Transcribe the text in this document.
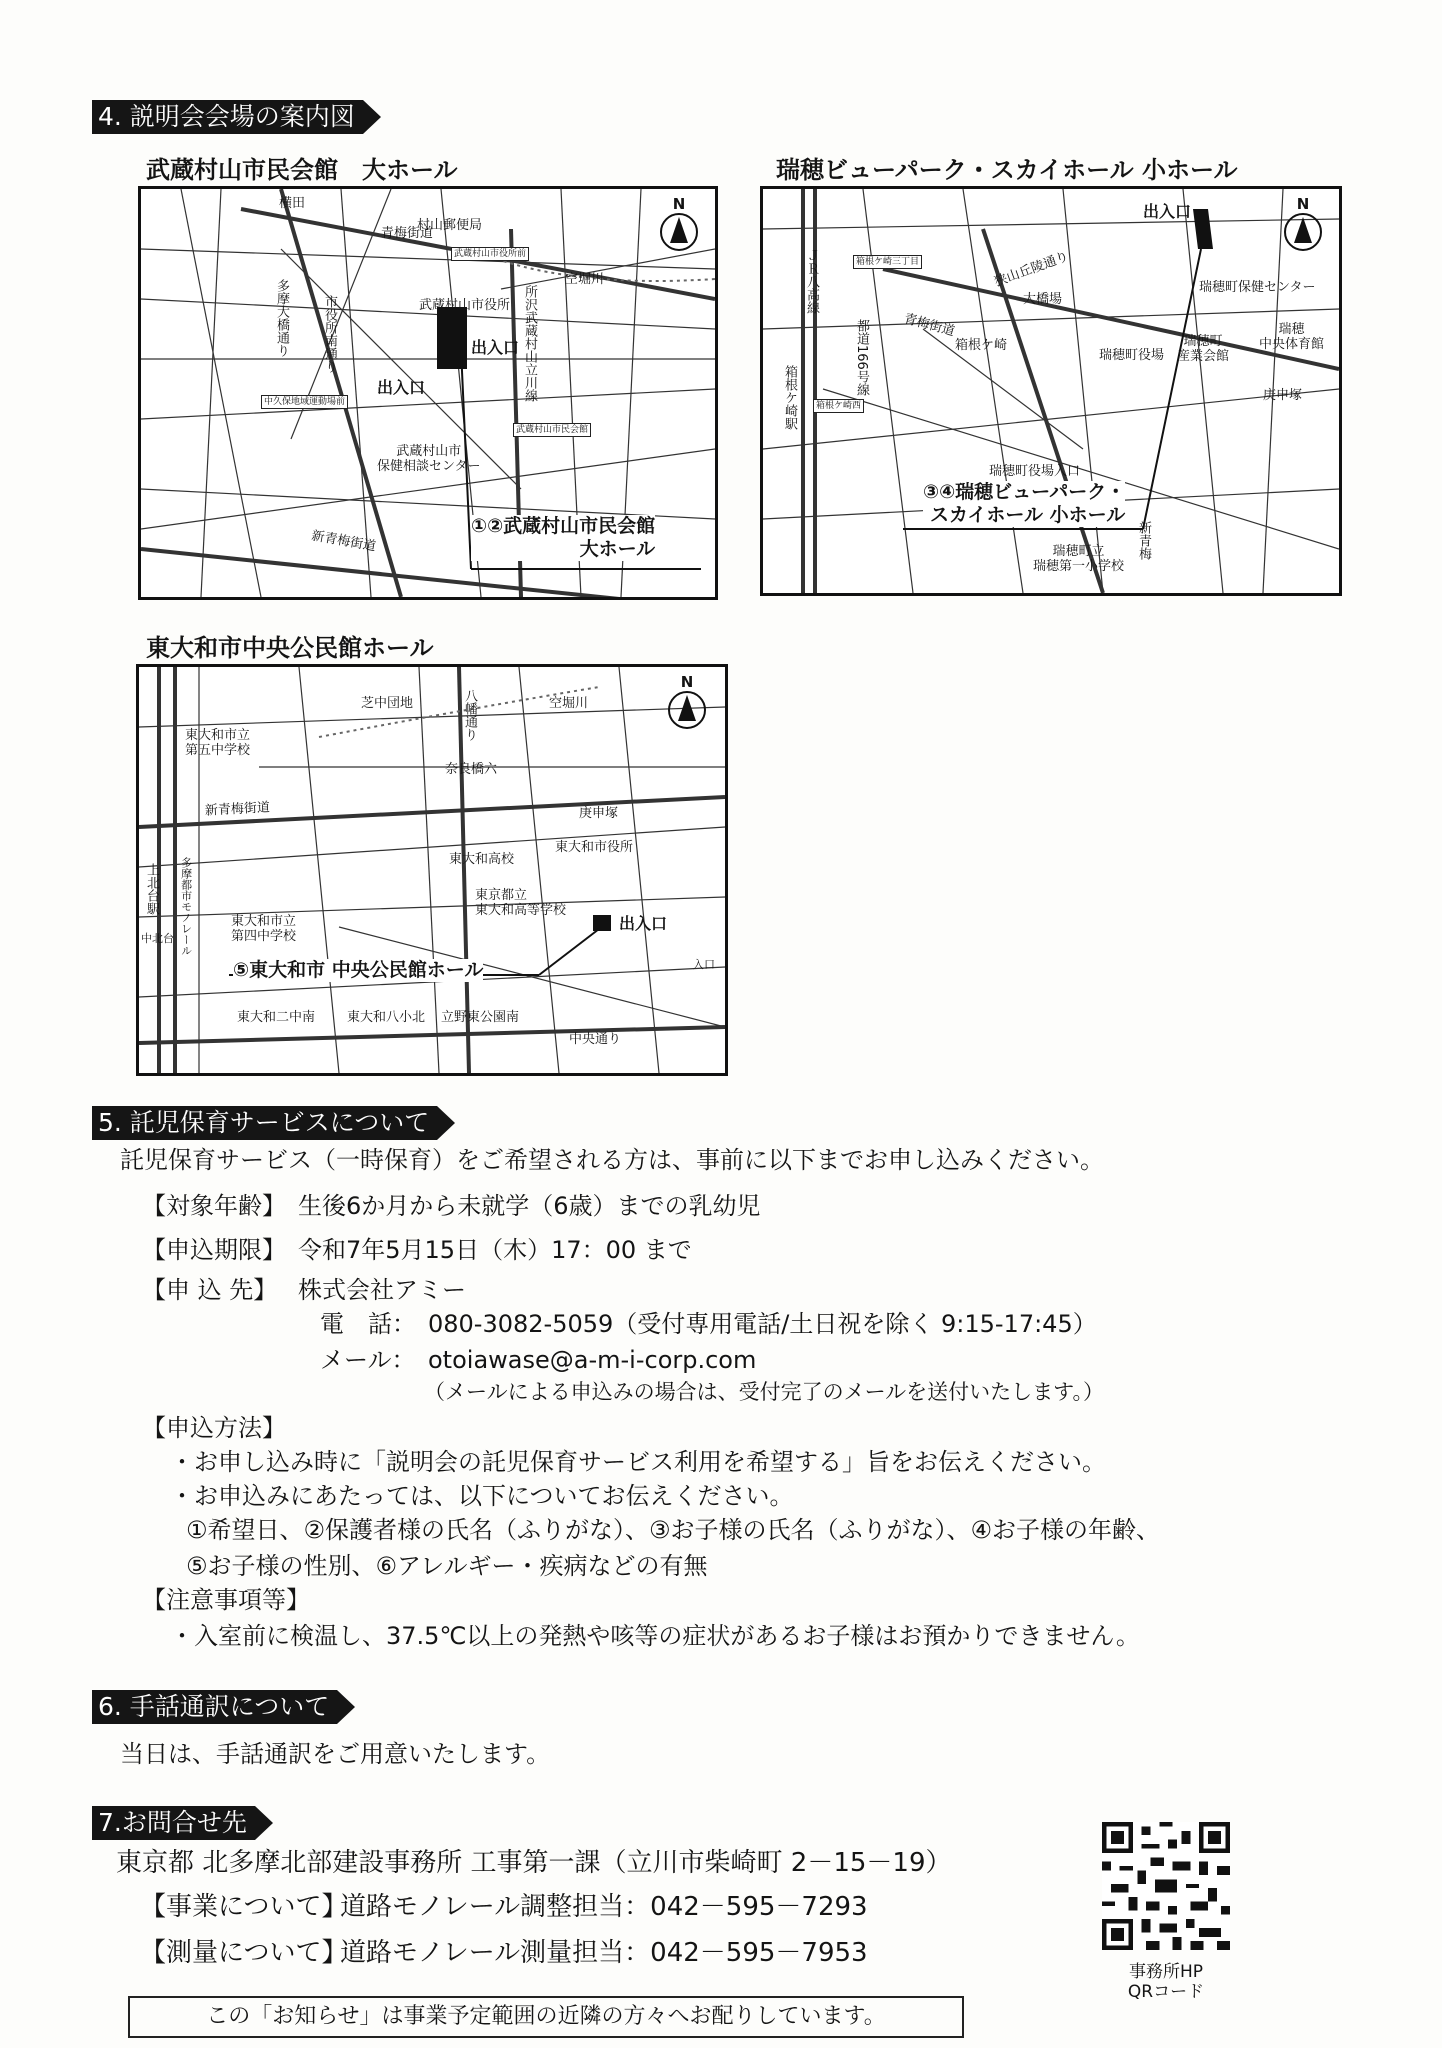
4. 説明会会場の案内図
武蔵村山市民会館　大ホール
N
横田
青梅街道
村山郵便局
武蔵村山市役所前
空堀川
武蔵村山市役所
多摩大橋通り	市役所南通り	所沢武蔵村山立川線
出入口
出入口
武蔵村山市民会館
中久保地域運動場前
武蔵村山市
保健相談センター
新青梅街道
①②武蔵村山市民会館
大ホール
瑞穂ビューパーク・スカイホール 小ホール
N
出入口
瑞穂町保健センター
狭山丘陵通り
大橋場
ＪＲ八高線	箱根ケ崎三丁目
青梅街道
箱根ケ崎
瑞穂町役場
瑞穂町
産業会館
瑞穂
中央体育館
庚申塚
都道166号線
箱根ケ崎駅	箱根ケ崎西
瑞穂町役場入口
③④瑞穂ビューパーク・
スカイホール 小ホール
瑞穂町立
瑞穂第一小学校
新青梅
東大和市中央公民館ホール
N
芝中団地	空堀川
八幡通り
東大和市立
第五中学校
奈良橋六
新青梅街道	庚申塚
東大和高校
東大和市役所
東京都立
東大和高等学校
出入口
東大和市立
第四中学校
⑤東大和市 中央公民館ホール
東大和二中南 東大和八小北 立野東公園南
中央通り
上北台駅 多摩都市モノレール
中北台
入口
5. 託児保育サービスについて
託児保育サービス（一時保育）をご希望される方は、事前に以下までお申し込みください。
【対象年齢】 生後6か月から未就学（6歳）までの乳幼児
【申込期限】 令和7年5月15日（木）17：00 まで
【申 込 先】 株式会社アミー
電　話： 080-3082-5059（受付専用電話/土日祝を除く 9:15-17:45）
メール： otoiawase@a-m-i-corp.com
（メールによる申込みの場合は、受付完了のメールを送付いたします。）
【申込方法】
・お申し込み時に「説明会の託児保育サービス利用を希望する」旨をお伝えください。
・お申込みにあたっては、以下についてお伝えください。
①希望日、②保護者様の氏名（ふりがな）、③お子様の氏名（ふりがな）、④お子様の年齢、
⑤お子様の性別、⑥アレルギー・疾病などの有無
【注意事項等】
・入室前に検温し、37.5℃以上の発熱や咳等の症状があるお子様はお預かりできません。
6. 手話通訳について
当日は、手話通訳をご用意いたします。
7.お問合せ先
東京都 北多摩北部建設事務所 工事第一課（立川市柴崎町 2－15－19）
【事業について】
道路モノレール調整担当：042－595－7293
【測量について】
道路モノレール測量担当：042－595－7953
事務所HP
QRコード
この「お知らせ」は事業予定範囲の近隣の方々へお配りしています。
